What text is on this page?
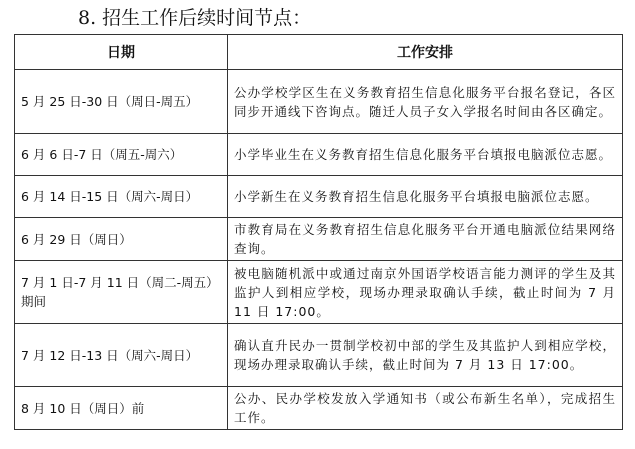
8. 招生工作后续时间节点：
日期	工作安排
5 月 25 日-30 日（周日-周五）	公办学校学区生在义务教育招生信息化服务平台报名登记，各区同步开通线下咨询点。随迁人员子女入学报名时间由各区确定。
6 月 6 日-7 日（周五-周六）	小学毕业生在义务教育招生信息化服务平台填报电脑派位志愿。
6 月 14 日-15 日（周六-周日）	小学新生在义务教育招生信息化服务平台填报电脑派位志愿。
6 月 29 日（周日）	市教育局在义务教育招生信息化服务平台开通电脑派位结果网络查询。
7 月 1 日-7 月 11 日（周二-周五）期间	被电脑随机派中或通过南京外国语学校语言能力测评的学生及其监护人到相应学校，现场办理录取确认手续，截止时间为 7 月 11 日 17:00。
7 月 12 日-13 日（周六-周日）	确认直升民办一贯制学校初中部的学生及其监护人到相应学校，现场办理录取确认手续，截止时间为 7 月 13 日 17:00。
8 月 10 日（周日）前	公办、民办学校发放入学通知书（或公布新生名单），完成招生工作。
